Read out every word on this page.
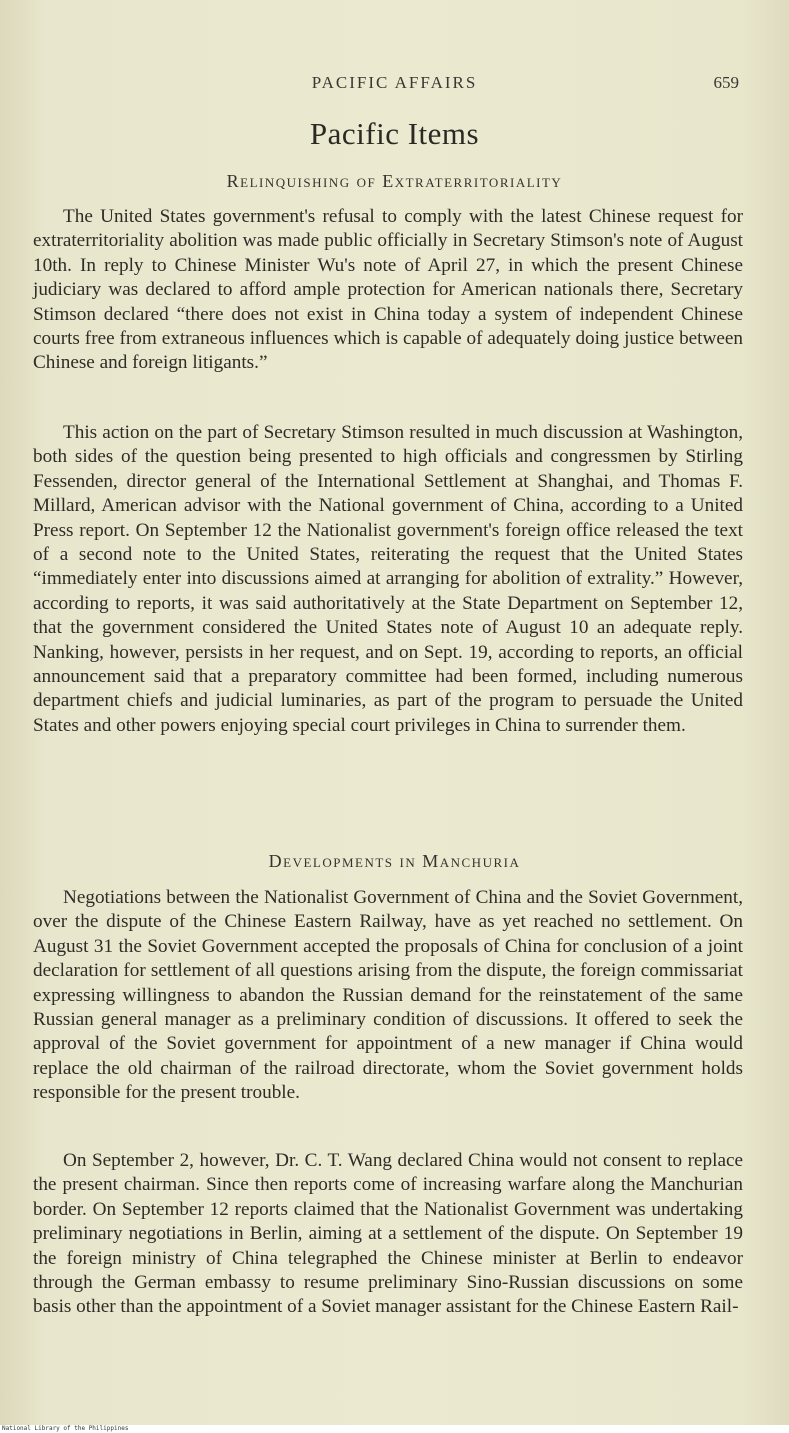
PACIFIC AFFAIRS	659
Pacific Items
Relinquishing of Extraterritoriality

The United States government's refusal to comply with the latest Chinese request for extraterritoriality abolition was made public officially in Secretary Stimson's note of August 10th. In reply to Chinese Minister Wu's note of April 27, in which the present Chinese judiciary was declared to afford ample protection for American nationals there, Secretary Stimson declared “there does not exist in China today a system of independent Chinese courts free from extraneous influences which is capable of adequately doing justice between Chinese and foreign litigants.”

This action on the part of Secretary Stimson resulted in much discussion at Washington, both sides of the question being presented to high officials and congressmen by Stirling Fessenden, director general of the International Settlement at Shanghai, and Thomas F. Millard, American advisor with the National government of China, according to a United Press report. On September 12 the Nationalist government's foreign office released the text of a second note to the United States, reiterating the request that the United States “immediately enter into discussions aimed at arranging for abolition of extrality.” However, according to reports, it was said authoritatively at the State Department on September 12, that the government considered the United States note of August 10 an adequate reply. Nanking, however, persists in her request, and on Sept. 19, according to reports, an official announcement said that a preparatory committee had been formed, including numerous department chiefs and judicial luminaries, as part of the program to persuade the United States and other powers enjoying special court privileges in China to surrender them.

Developments in Manchuria

Negotiations between the Nationalist Government of China and the Soviet Government, over the dispute of the Chinese Eastern Railway, have as yet reached no settlement. On August 31 the Soviet Government accepted the proposals of China for conclusion of a joint declaration for settlement of all questions arising from the dispute, the foreign commissariat expressing willingness to abandon the Russian demand for the reinstatement of the same Russian general manager as a preliminary condition of discussions. It offered to seek the approval of the Soviet government for appointment of a new manager if China would replace the old chairman of the railroad directorate, whom the Soviet government holds responsible for the present trouble.

On September 2, however, Dr. C. T. Wang declared China would not consent to replace the present chairman. Since then reports come of increasing warfare along the Manchurian border. On September 12 reports claimed that the Nationalist Government was undertaking preliminary negotiations in Berlin, aiming at a settlement of the dispute. On September 19 the foreign ministry of China telegraphed the Chinese minister at Berlin to endeavor through the German embassy to resume preliminary Sino-Russian discussions on some basis other than the appointment of a Soviet manager assistant for the Chinese Eastern Rail-

National Library of the Philippines
